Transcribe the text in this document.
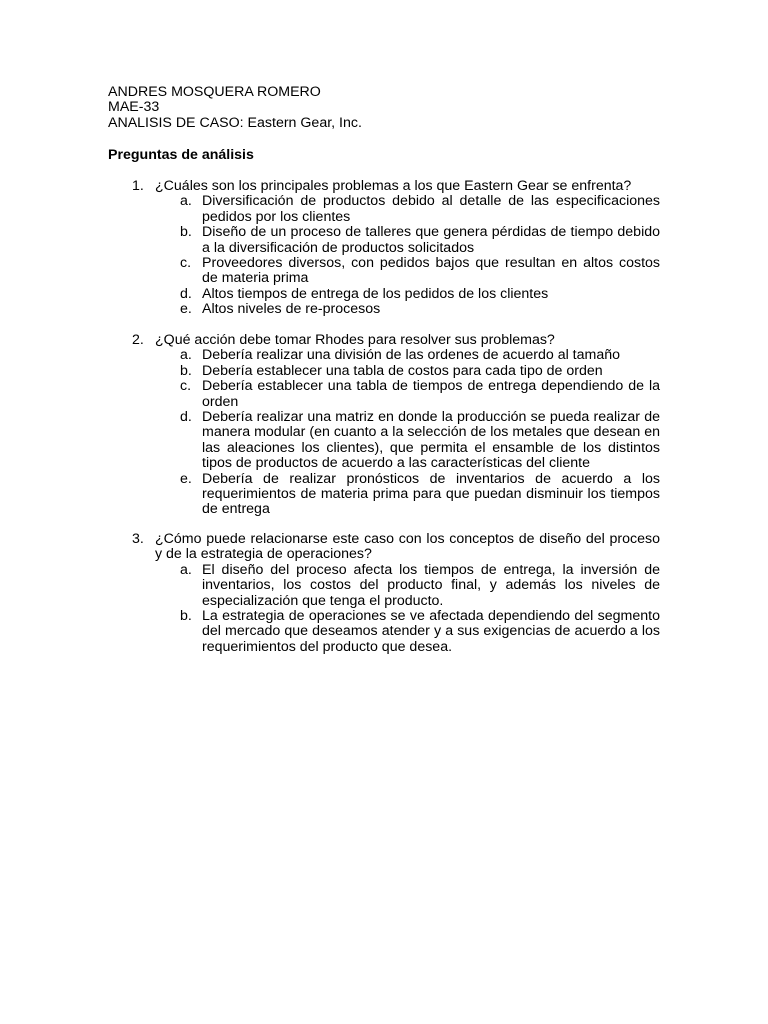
ANDRES MOSQUERA ROMERO
MAE-33
ANALISIS DE CASO: Eastern Gear, Inc.
Preguntas de análisis
1. ¿Cuáles son los principales problemas a los que Eastern Gear se enfrenta?
a. Diversificación de productos debido al detalle de las especificaciones pedidos por los clientes
b. Diseño de un proceso de talleres que genera pérdidas de tiempo debido a la diversificación de productos solicitados
c. Proveedores diversos, con pedidos bajos que resultan en altos costos de materia prima
d. Altos tiempos de entrega de los pedidos de los clientes
e. Altos niveles de re-procesos
2. ¿Qué acción debe tomar Rhodes para resolver sus problemas?
a. Debería realizar una división de las ordenes de acuerdo al tamaño
b. Debería establecer una tabla de costos para cada tipo de orden
c. Debería establecer una tabla de tiempos de entrega dependiendo de la orden
d. Debería realizar una matriz en donde la producción se pueda realizar de manera modular (en cuanto a la selección de los metales que desean en las aleaciones los clientes), que permita el ensamble de los distintos tipos de productos de acuerdo a las características del cliente
e. Debería de realizar pronósticos de inventarios de acuerdo a los requerimientos de materia prima para que puedan disminuir los tiempos de entrega
3. ¿Cómo puede relacionarse este caso con los conceptos de diseño del proceso y de la estrategia de operaciones?
a. El diseño del proceso afecta los tiempos de entrega, la inversión de inventarios, los costos del producto final, y además los niveles de especialización que tenga el producto.
b. La estrategia de operaciones se ve afectada dependiendo del segmento del mercado que deseamos atender y a sus exigencias de acuerdo a los requerimientos del producto que desea.
